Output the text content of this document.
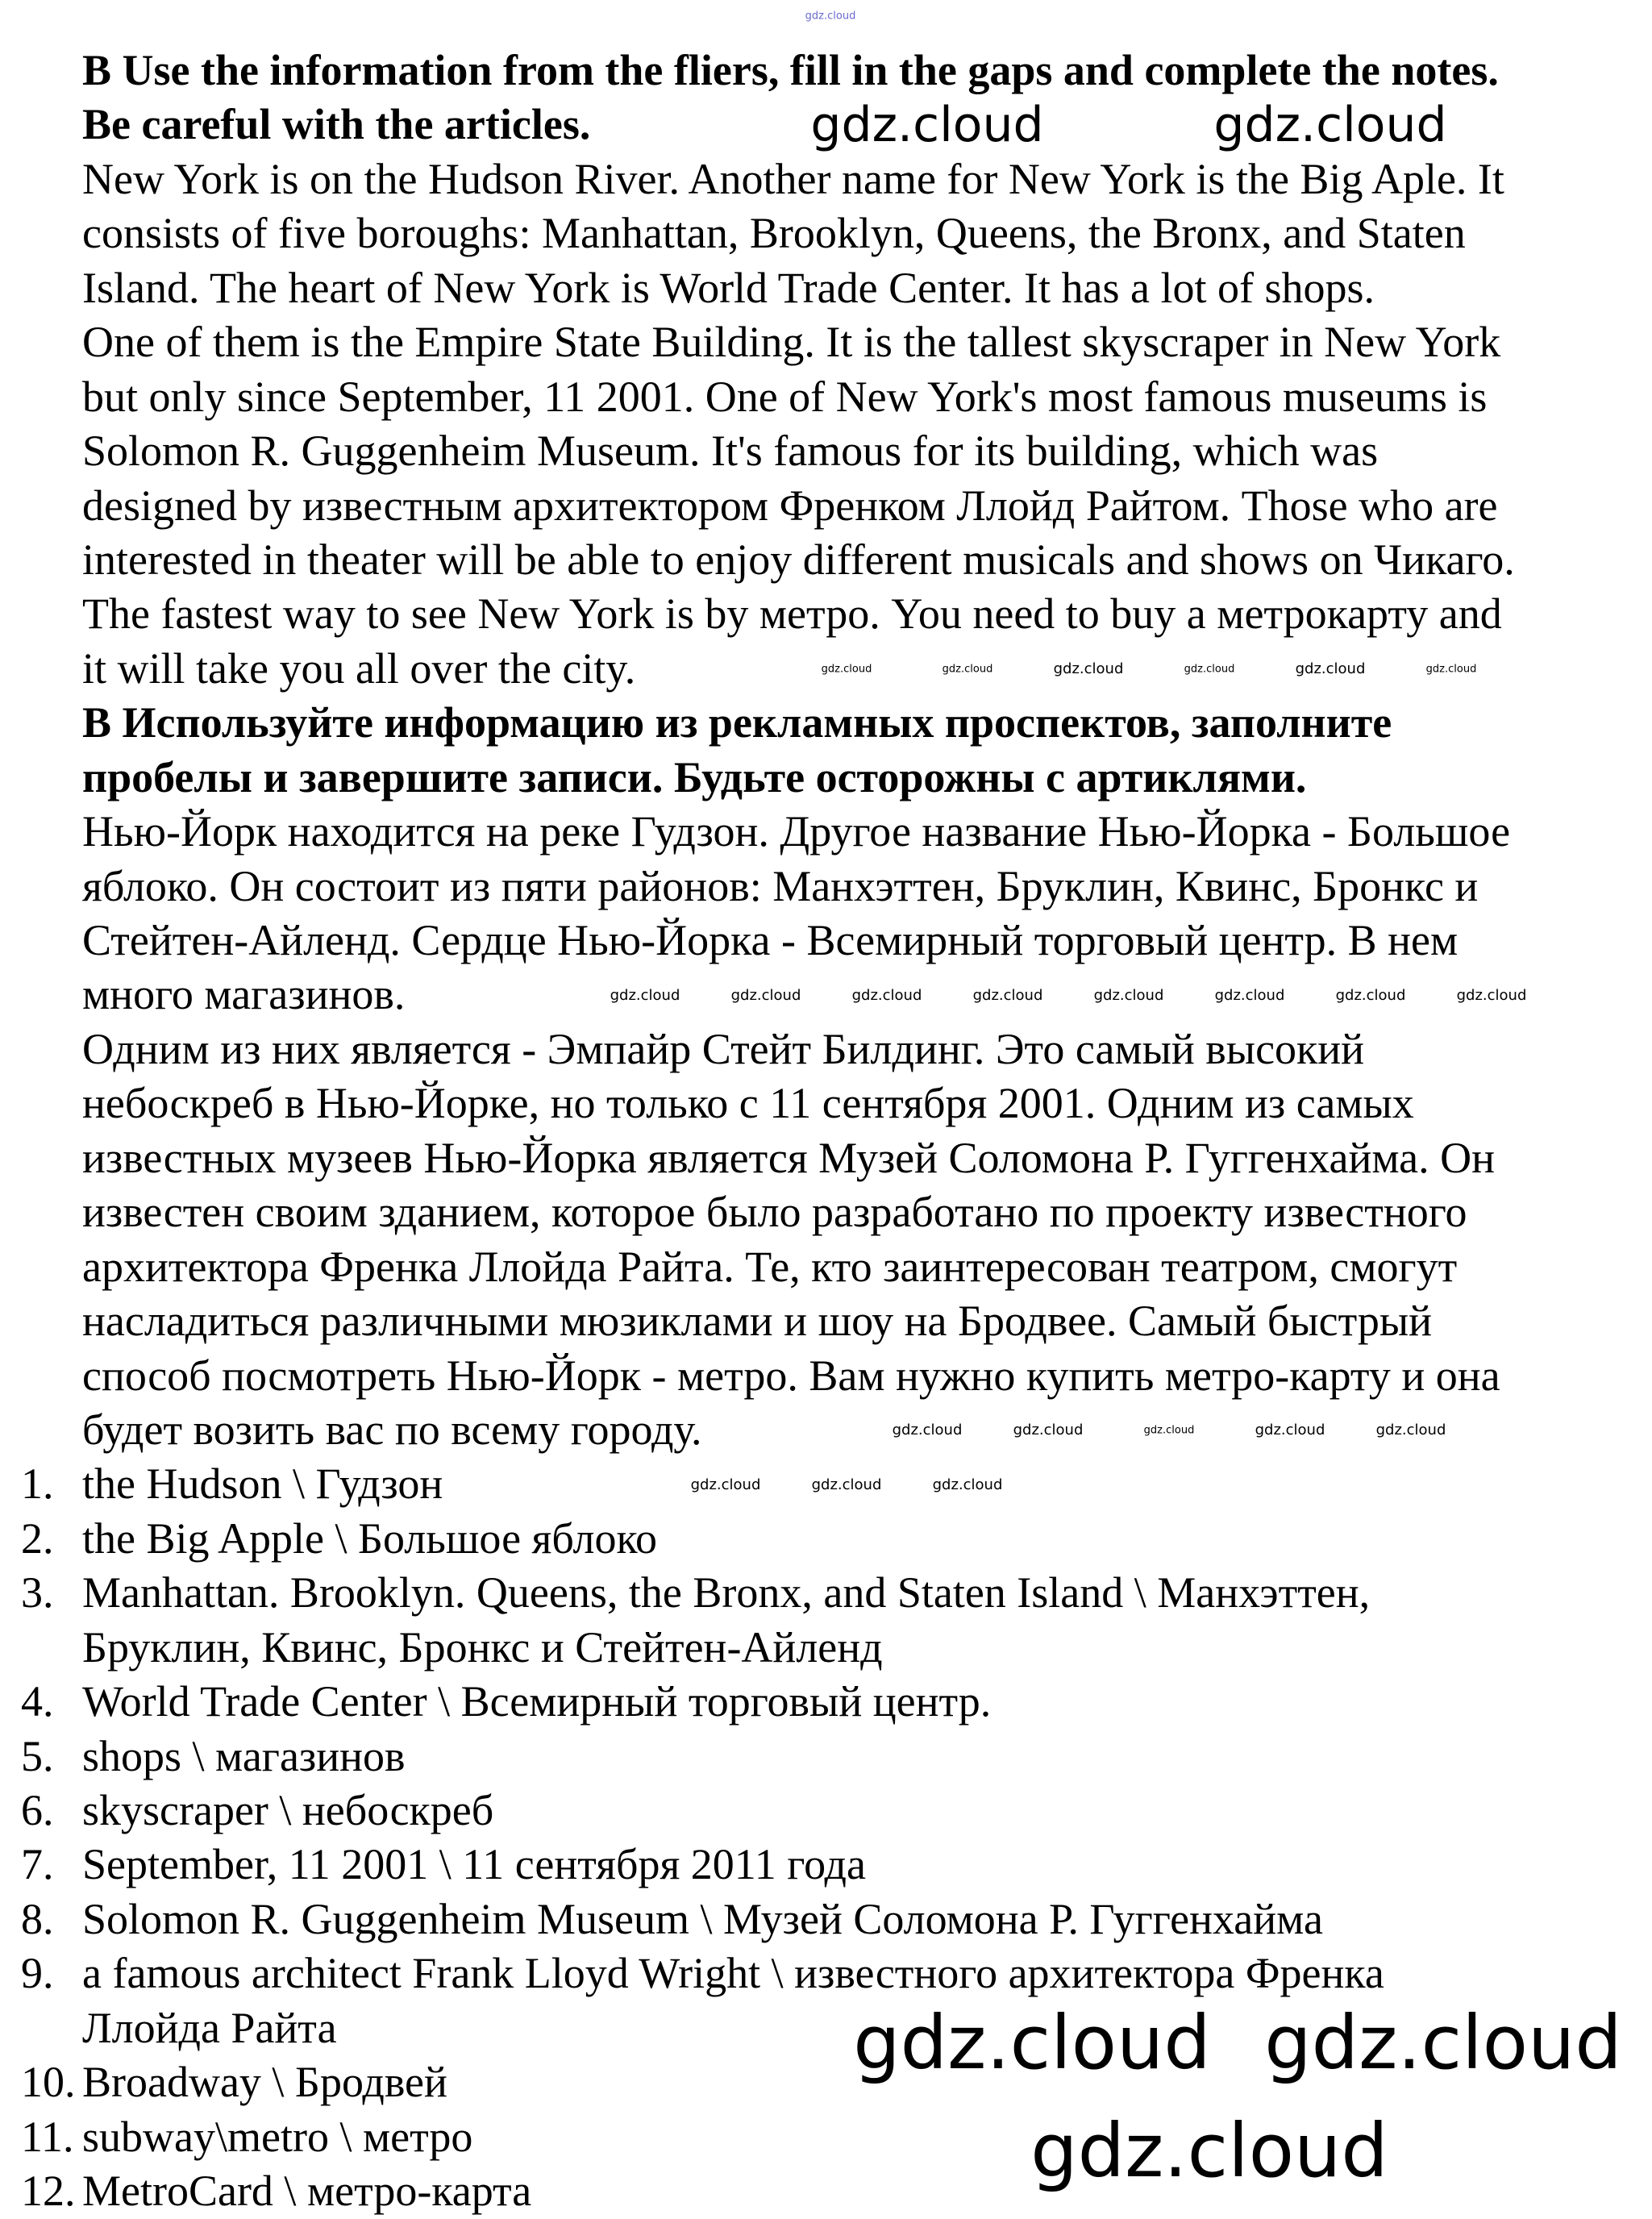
B Use the information from the fliers, fill in the gaps and complete the notes.
Be careful with the articles.
New York is on the Hudson River. Another name for New York is the Big Aple. It
consists of five boroughs: Manhattan, Brooklyn, Queens, the Bronx, and Staten
Island. The heart of New York is World Trade Center. It has a lot of shops.
One of them is the Empire State Building. It is the tallest skyscraper in New York
but only since September, 11 2001. One of New York's most famous museums is
Solomon R. Guggenheim Museum. It's famous for its building, which was
designed by известным архитектором Френком Ллойд Райтом. Those who are
interested in theater will be able to enjoy different musicals and shows on Чикаго.
The fastest way to see New York is by метро. You need to buy a метрокарту and
it will take you all over the city.
В Используйте информацию из рекламных проспектов, заполните
пробелы и завершите записи. Будьте осторожны с артиклями.
Нью-Йорк находится на реке Гудзон. Другое название Нью-Йорка - Большое
яблоко. Он состоит из пяти районов: Манхэттен, Бруклин, Квинс, Бронкс и
Стейтен-Айленд. Сердце Нью-Йорка - Всемирный торговый центр. В нем
много магазинов.
Одним из них является - Эмпайр Стейт Билдинг. Это самый высокий
небоскреб в Нью-Йорке, но только с 11 сентября 2001. Одним из самых
известных музеев Нью-Йорка является Музей Соломона Р. Гуггенхайма. Он
известен своим зданием, которое было разработано по проекту известного
архитектора Френка Ллойда Райта. Те, кто заинтересован театром, смогут
насладиться различными мюзиклами и шоу на Бродвее. Самый быстрый
способ посмотреть Нью-Йорк - метро. Вам нужно купить метро-карту и она
будет возить вас по всему городу.
1. the Hudson \ Гудзон
2. the Big Apple \ Большое яблоко
3. Manhattan. Brooklyn. Queens, the Bronx, and Staten Island \ Манхэттен,
Бруклин, Квинс, Бронкс и Стейтен-Айленд
4. World Trade Center \ Всемирный торговый центр.
5. shops \ магазинов
6. skyscraper \ небоскреб
7. September, 11 2001 \ 11 сентября 2011 года
8. Solomon R. Guggenheim Museum \ Музей Соломона Р. Гуггенхайма
9. a famous architect Frank Lloyd Wright \ известного архитектора Френка
Ллойда Райта
10. Broadway \ Бродвей
11. subway\metro \ метро
12. MetroCard \ метро-карта
gdz.cloud
gdz.cloud	gdz.cloud
gdz.cloud	gdz.cloud	gdz.cloud	gdz.cloud	gdz.cloud	gdz.cloud
gdz.cloud	gdz.cloud	gdz.cloud	gdz.cloud	gdz.cloud	gdz.cloud	gdz.cloud	gdz.cloud
gdz.cloud	gdz.cloud	gdz.cloud	gdz.cloud	gdz.cloud
gdz.cloud	gdz.cloud	gdz.cloud
gdz.cloud gdz.cloud
gdz.cloud
